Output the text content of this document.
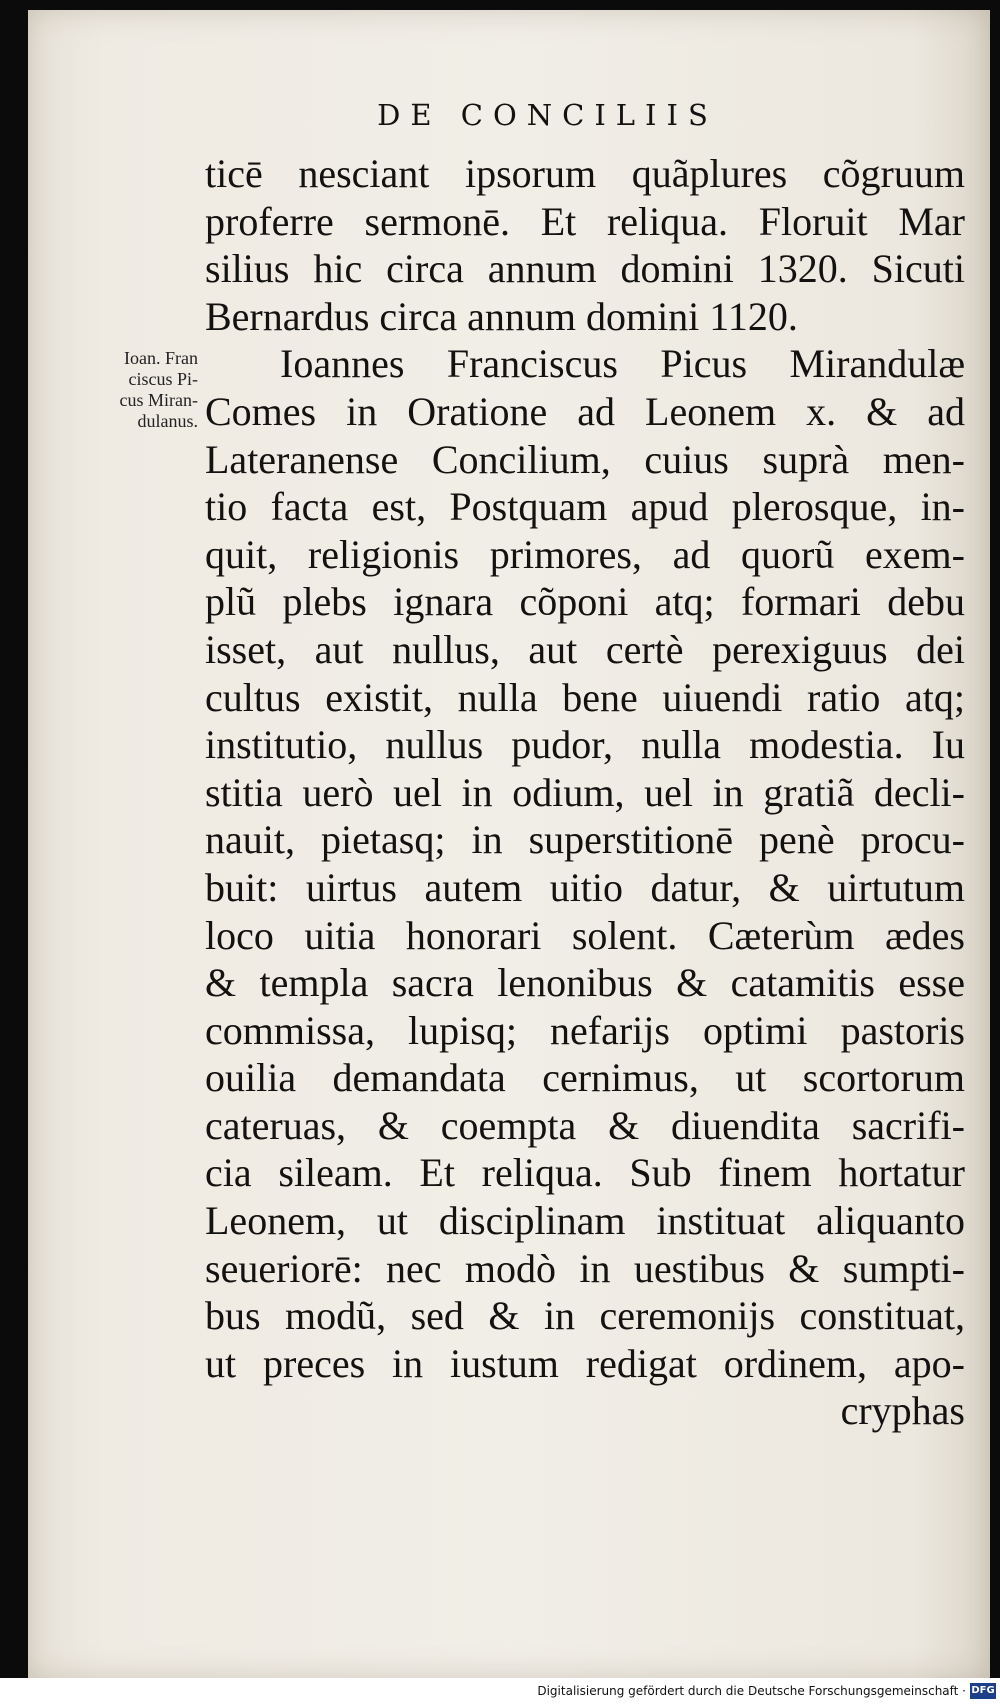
DE CONCILIIS
Ioan. Fran
ciscus Pi-
cus Miran-
dulanus.
ticē nesciant ipsorum quãplures cõgruum
proferre sermonē. Et reliqua. Floruit Mar
silius hic circa annum domini 1320. Sicuti
Bernardus circa annum domini 1120.
Ioannes Franciscus Picus Mirandulæ
Comes in Oratione ad Leonem x. & ad
Lateranense Concilium, cuius suprà men-
tio facta est, Postquam apud plerosque, in-
quit, religionis primores, ad quorũ exem-
plũ plebs ignara cõponi atq; formari debu
isset, aut nullus, aut certè perexiguus dei
cultus existit, nulla bene uiuendi ratio atq;
institutio, nullus pudor, nulla modestia. Iu
stitia uerò uel in odium, uel in gratiã decli-
nauit, pietasq; in superstitionē penè procu-
buit: uirtus autem uitio datur, & uirtutum
loco uitia honorari solent. Cæterùm ædes
& templa sacra lenonibus & catamitis esse
commissa, lupisq; nefarijs optimi pastoris
ouilia demandata cernimus, ut scortorum
cateruas, & coempta & diuendita sacrifi-
cia sileam. Et reliqua. Sub finem hortatur
Leonem, ut disciplinam instituat aliquanto
seueriorē: nec modò in uestibus & sumpti-
bus modũ, sed & in ceremonijs constituat,
ut preces in iustum redigat ordinem, apo-
cryphas
Digitalisierung gefördert durch die Deutsche Forschungsgemeinschaft · DFG
